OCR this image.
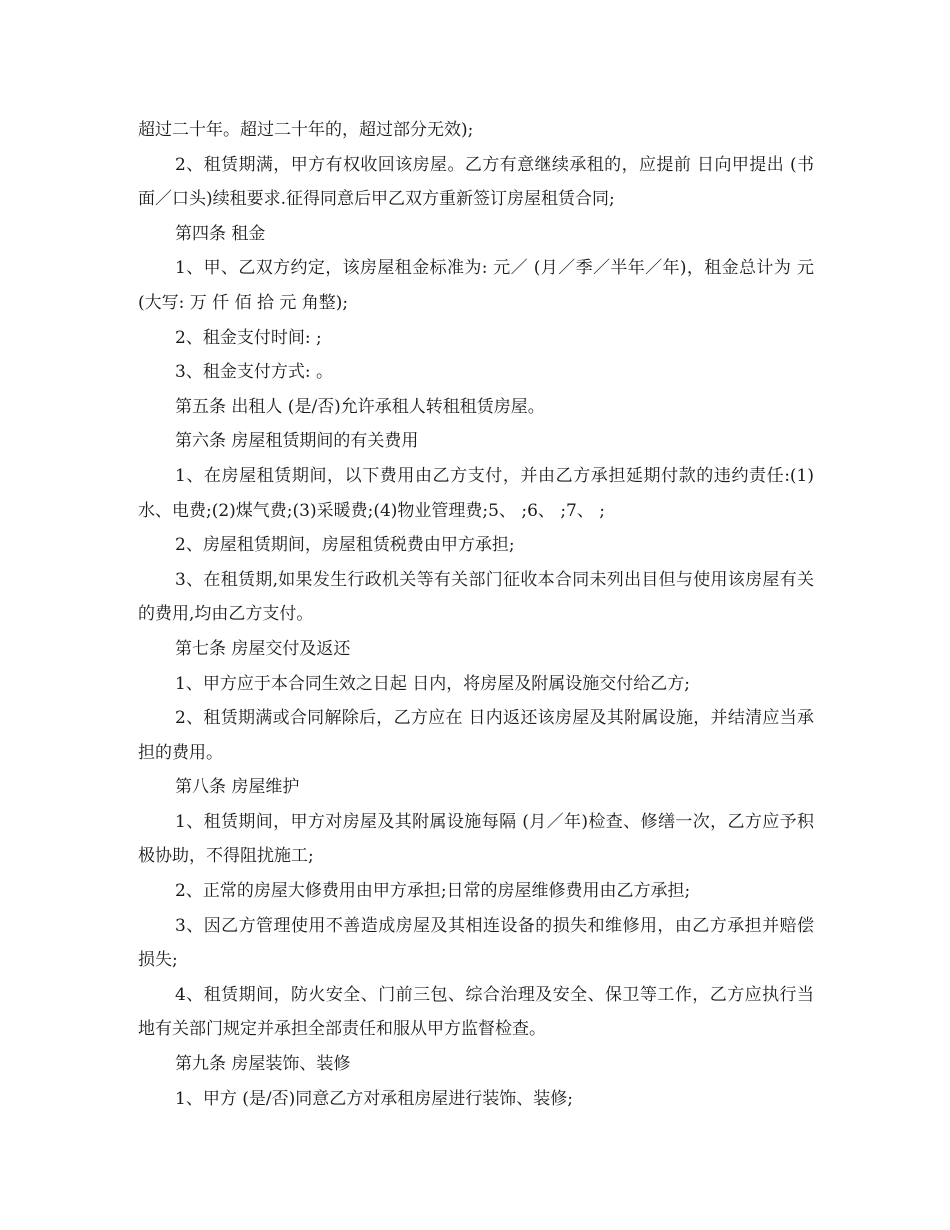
超过二十年。超过二十年的，超过部分无效);

2、租赁期满，甲方有权收回该房屋。乙方有意继续承租的，应提前 日向甲提出 (书面／口头)续租要求.征得同意后甲乙双方重新签订房屋租赁合同;

第四条 租金

1、甲、乙双方约定，该房屋租金标准为: 元／ (月／季／半年／年)，租金总计为 元(大写: 万 仟 佰 拾 元 角整);

2、租金支付时间: ;

3、租金支付方式: 。

第五条 出租人 (是/否)允许承租人转租租赁房屋。

第六条 房屋租赁期间的有关费用

1、在房屋租赁期间，以下费用由乙方支付，并由乙方承担延期付款的违约责任:(1)水、电费;(2)煤气费;(3)采暖费;(4)物业管理费;5、 ;6、 ;7、 ;

2、房屋租赁期间，房屋租赁税费由甲方承担;

3、在租赁期,如果发生行政机关等有关部门征收本合同未列出目但与使用该房屋有关的费用,均由乙方支付。

第七条 房屋交付及返还

1、甲方应于本合同生效之日起 日内，将房屋及附属设施交付给乙方;

2、租赁期满或合同解除后，乙方应在 日内返还该房屋及其附属设施，并结清应当承担的费用。

第八条 房屋维护

1、租赁期间，甲方对房屋及其附属设施每隔 (月／年)检查、修缮一次，乙方应予积极协助，不得阻扰施工;

2、正常的房屋大修费用由甲方承担;日常的房屋维修费用由乙方承担;

3、因乙方管理使用不善造成房屋及其相连设备的损失和维修用，由乙方承担并赔偿损失;

4、租赁期间，防火安全、门前三包、综合治理及安全、保卫等工作，乙方应执行当地有关部门规定并承担全部责任和服从甲方监督检查。

第九条 房屋装饰、装修

1、甲方 (是/否)同意乙方对承租房屋进行装饰、装修;
